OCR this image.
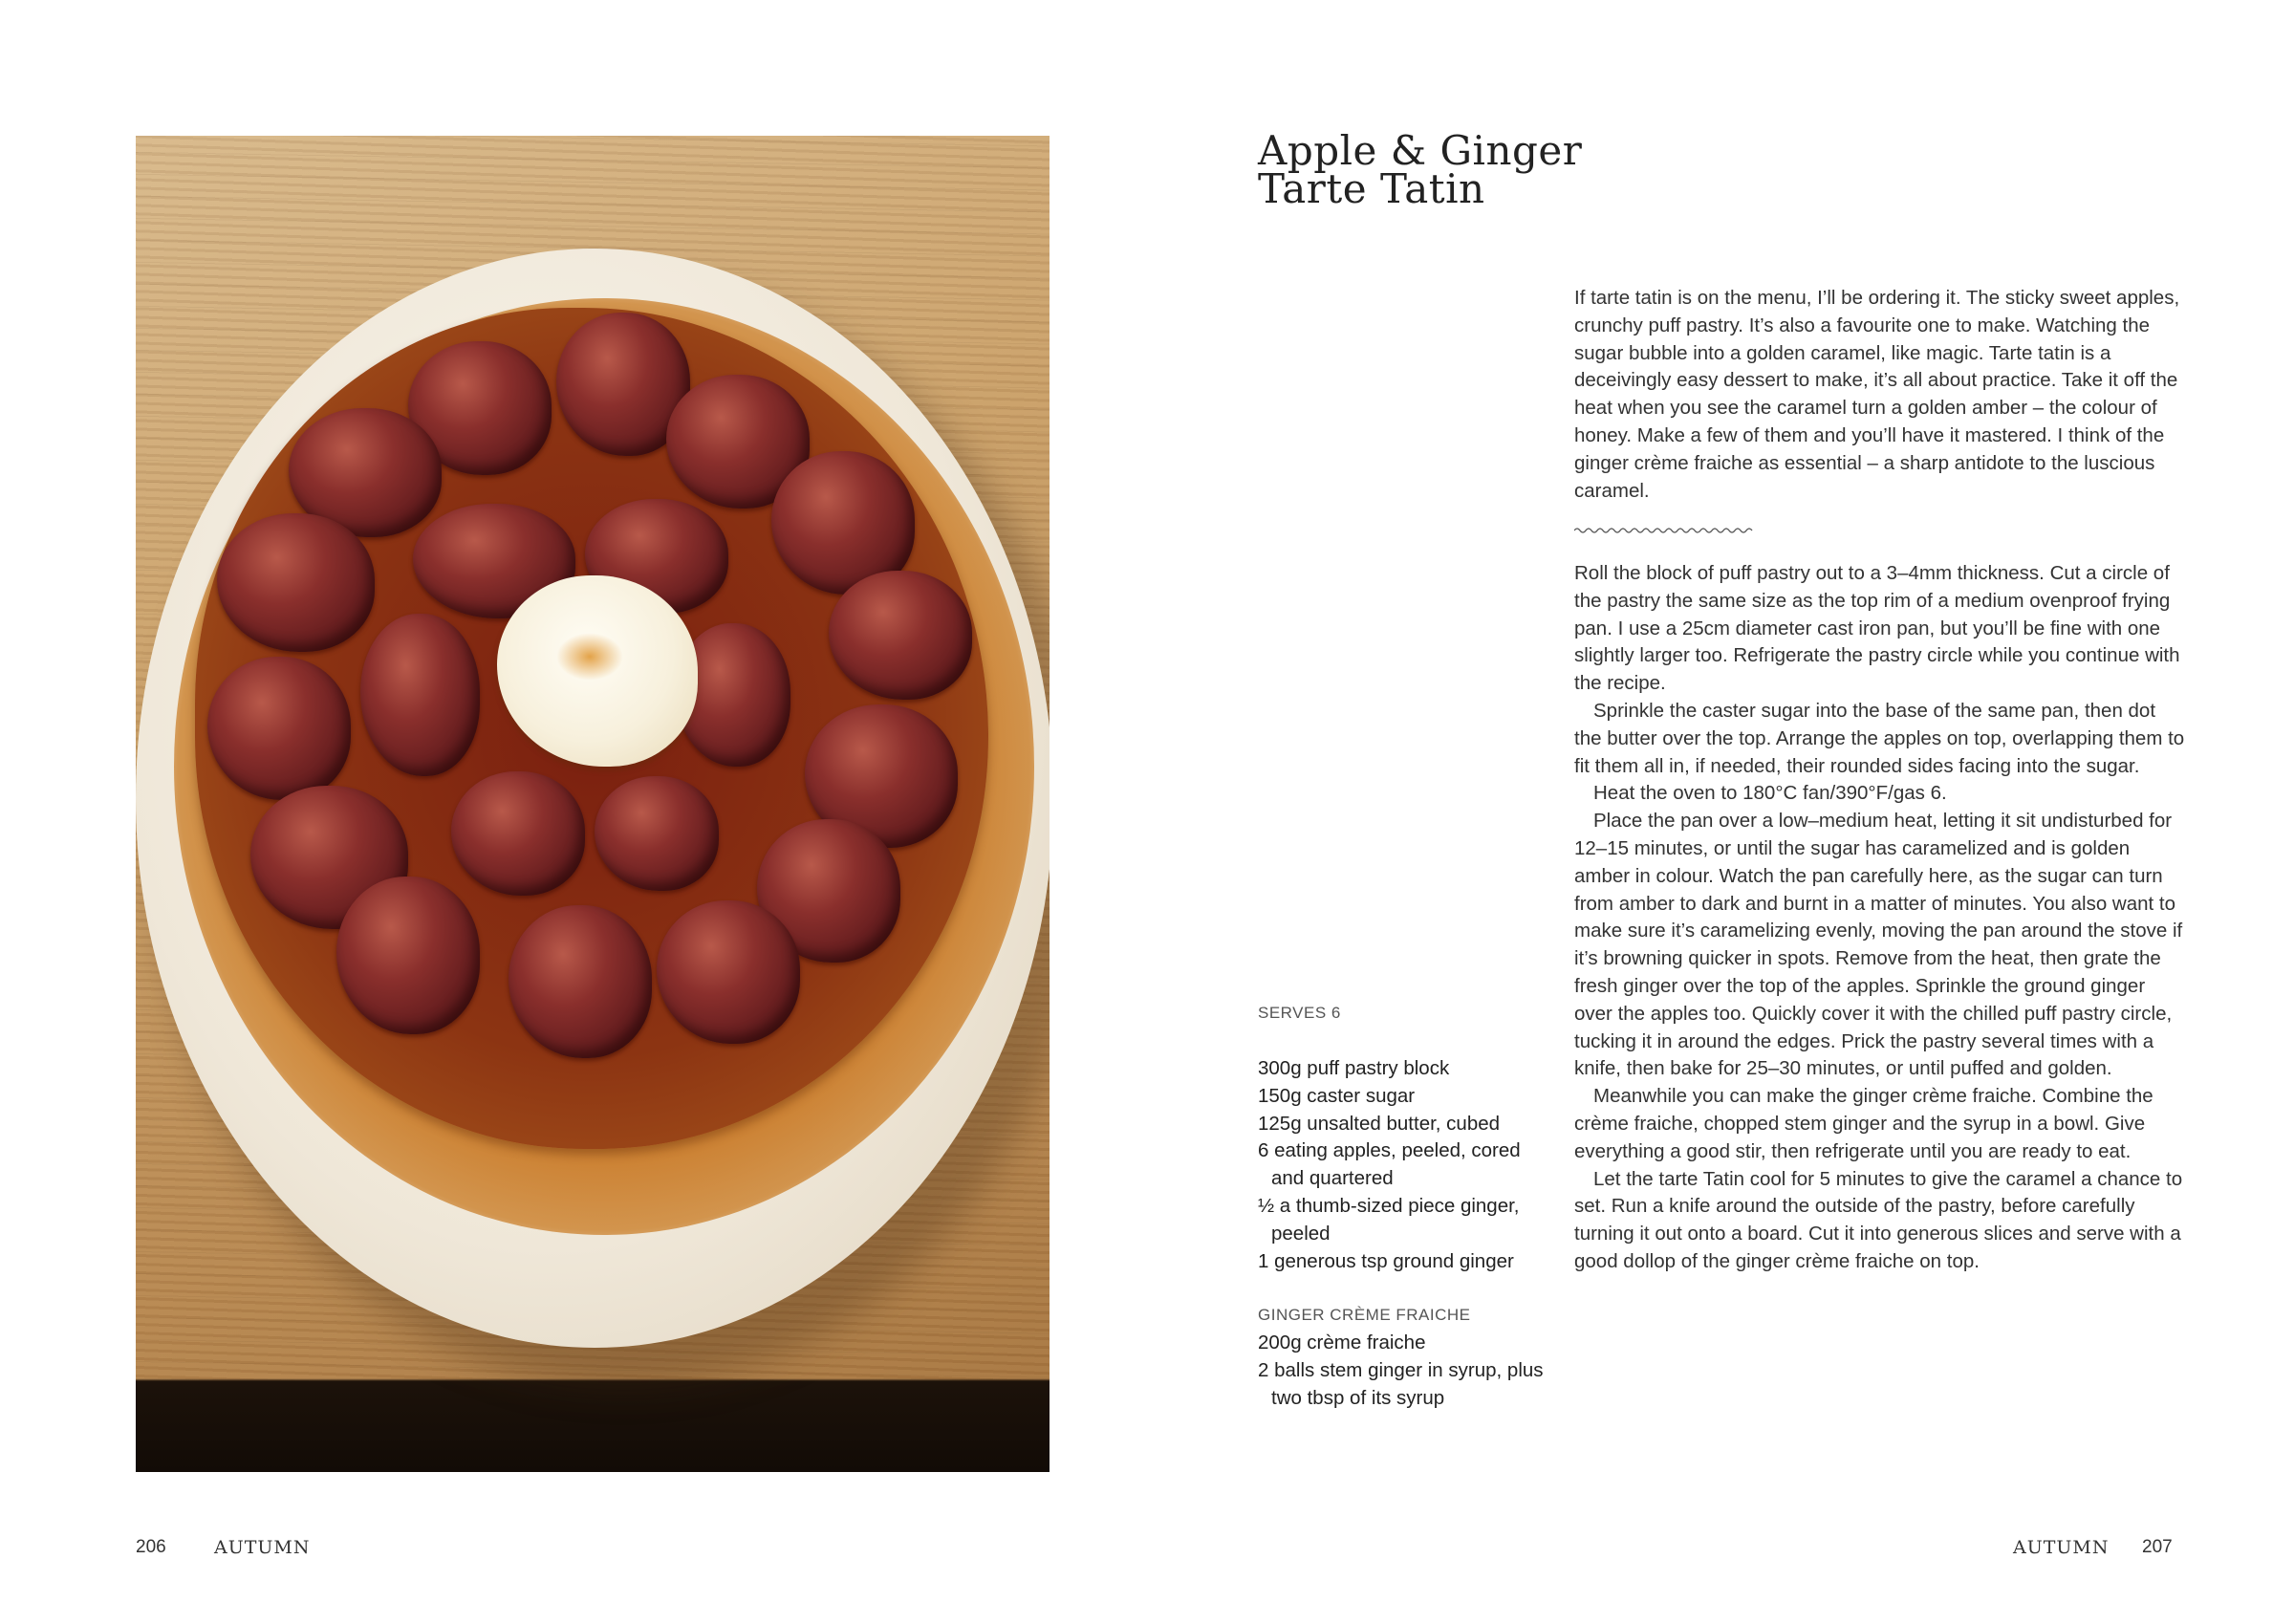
Apple & Ginger
Tarte Tatin

If tarte tatin is on the menu, I’ll be ordering it. The sticky sweet apples, crunchy puff pastry. It’s also a favourite one to make. Watching the sugar bubble into a golden caramel, like magic. Tarte tatin is a deceivingly easy dessert to make, it’s all about practice. Take it off the heat when you see the caramel turn a golden amber – the colour of honey. Make a few of them and you’ll have it mastered. I think of the ginger crème fraiche as essential – a sharp antidote to the luscious caramel.

Roll the block of puff pastry out to a 3–4mm thickness. Cut a circle of the pastry the same size as the top rim of a medium ovenproof frying pan. I use a 25cm diameter cast iron pan, but you’ll be fine with one slightly larger too. Refrigerate the pastry circle while you continue with the recipe.

Sprinkle the caster sugar into the base of the same pan, then dot the butter over the top. Arrange the apples on top, overlapping them to fit them all in, if needed, their rounded sides facing into the sugar.

Heat the oven to 180°C fan/390°F/gas 6.

Place the pan over a low–medium heat, letting it sit undisturbed for 12–15 minutes, or until the sugar has caramelized and is golden amber in colour. Watch the pan carefully here, as the sugar can turn from amber to dark and burnt in a matter of minutes. You also want to make sure it’s caramelizing evenly, moving the pan around the stove if it’s browning quicker in spots. Remove from the heat, then grate the fresh ginger over the top of the apples. Sprinkle the ground ginger over the apples too. Quickly cover it with the chilled puff pastry circle, tucking it in around the edges. Prick the pastry several times with a knife, then bake for 25–30 minutes, or until puffed and golden.

Meanwhile you can make the ginger crème fraiche. Combine the crème fraiche, chopped stem ginger and the syrup in a bowl. Give everything a good stir, then refrigerate until you are ready to eat.

Let the tarte Tatin cool for 5 minutes to give the caramel a chance to set. Run a knife around the outside of the pastry, before carefully turning it out onto a board. Cut it into generous slices and serve with a good dollop of the ginger crème fraiche on top.

SERVES 6
300g puff pastry block
150g caster sugar
125g unsalted butter, cubed
6 eating apples, peeled, cored and quartered
½ a thumb-sized piece ginger, peeled
1 generous tsp ground ginger
GINGER CRÈME FRAICHE
200g crème fraiche
2 balls stem ginger in syrup, plus two tbsp of its syrup
206	AUTUMN	AUTUMN 207
